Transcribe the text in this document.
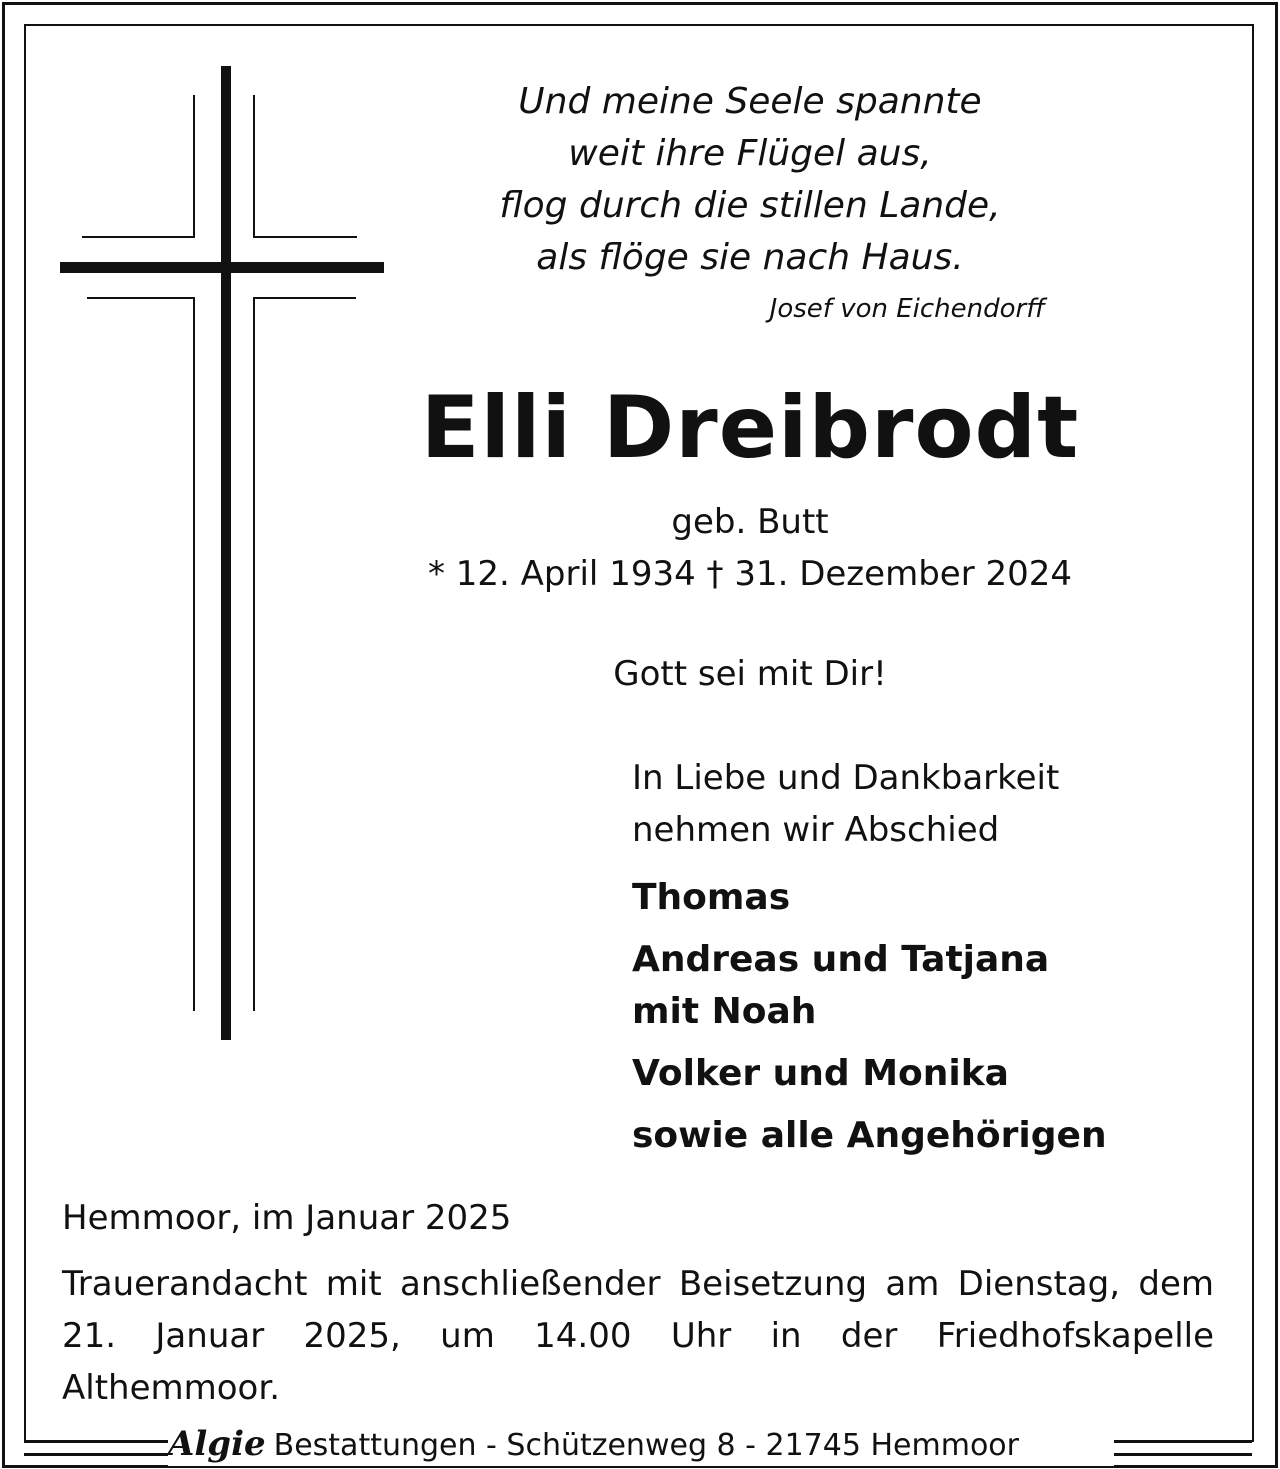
Und meine Seele spannte
weit ihre Flügel aus,
flog durch die stillen Lande,
als flöge sie nach Haus.
Josef von Eichendorff
Elli Dreibrodt
geb. Butt
* 12. April 1934 † 31. Dezember 2024
Gott sei mit Dir!
In Liebe und Dankbarkeit
nehmen wir Abschied
Thomas
Andreas und Tatjana
mit Noah
Volker und Monika
sowie alle Angehörigen
Hemmoor, im Januar 2025
Trauerandacht mit anschließender Beisetzung am Dienstag, dem 21. Januar 2025, um 14.00 Uhr in der Friedhofskapelle Althemmoor.
Algie Bestattungen - Schützenweg 8 - 21745 Hemmoor
